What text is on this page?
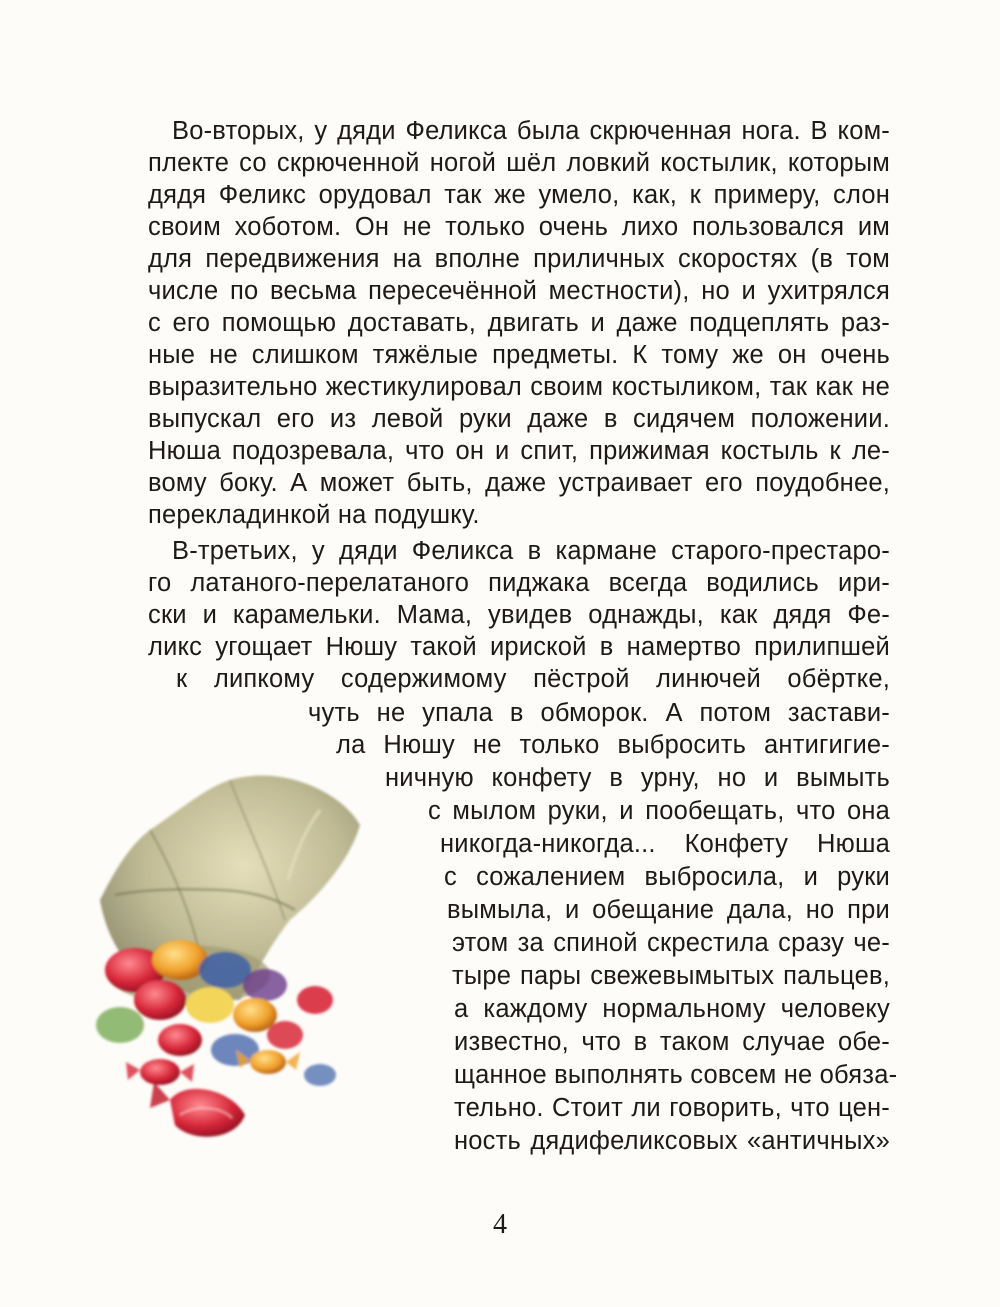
Во-вторых, у дяди Феликса была скрюченная нога. В ком-
плекте со скрюченной ногой шёл ловкий костылик, которым
дядя Феликс орудовал так же умело, как, к примеру, слон
своим хоботом. Он не только очень лихо пользовался им
для передвижения на вполне приличных скоростях (в том
числе по весьма пересечённой местности), но и ухитрялся
с его помощью доставать, двигать и даже подцеплять раз-
ные не слишком тяжёлые предметы. К тому же он очень
выразительно жестикулировал своим костыликом, так как не
выпускал его из левой руки даже в сидячем положении.
Нюша подозревала, что он и спит, прижимая костыль к ле-
вому боку. А может быть, даже устраивает его поудобнее,
перекладинкой на подушку.
В-третьих, у дяди Феликса в кармане старого-престаро-
го латаного-перелатаного пиджака всегда водились ири-
ски и карамельки. Мама, увидев однажды, как дядя Фе-
ликс угощает Нюшу такой ириской в намертво прилипшей
к липкому содержимому пёстрой линючей обёртке,
чуть не упала в обморок. А потом застави-
ла Нюшу не только выбросить антигигие-
ничную конфету в урну, но и вымыть
с мылом руки, и пообещать, что она
никогда-никогда... Конфету Нюша
с сожалением выбросила, и руки
вымыла, и обещание дала, но при
этом за спиной скрестила сразу че-
тыре пары свежевымытых пальцев,
а каждому нормальному человеку
известно, что в таком случае обе-
щанное выполнять совсем не обяза-
тельно. Стоит ли говорить, что цен-
ность дядифеликсовых «античных»
4
